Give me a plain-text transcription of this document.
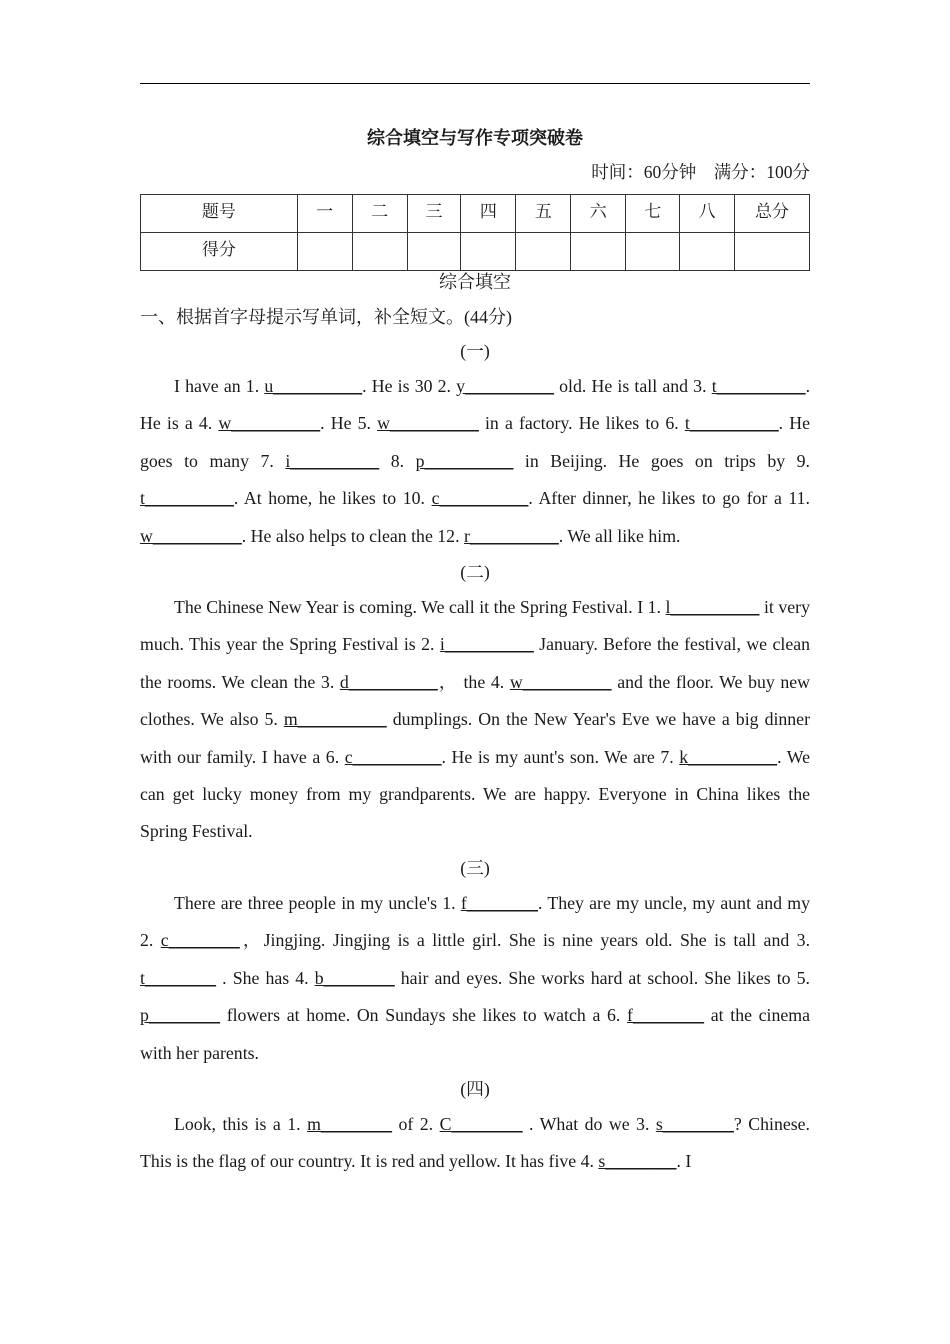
综合填空与写作专项突破卷
时间：60分钟　满分：100分
题号	一	二	三	四	五	六	七	八	总分
得分									
综合填空
一、根据首字母提示写单词，补全短文。(44分)

(一)

I have an 1. u__________. He is 30 2. y__________ old. He is tall and 3. t__________. He is a 4. w__________. He 5. w__________ in a factory. He likes to 6. t__________. He goes to many 7. i__________ 8. p__________ in Beijing. He goes on trips by 9. t__________. At home, he likes to 10. c__________. After dinner, he likes to go for a 11. w__________. He also helps to clean the 12. r__________. We all like him.

(二)

The Chinese New Year is coming. We call it the Spring Festival. I 1. l__________ it very much. This year the Spring Festival is 2. i__________ January. Before the festival, we clean the rooms. We clean the 3. d__________， the 4. w__________ and the floor. We buy new clothes. We also 5. m__________ dumplings. On the New Year's Eve we have a big dinner with our family. I have a 6. c__________. He is my aunt's son. We are 7. k__________. We can get lucky money from my grandparents. We are happy. Everyone in China likes the Spring Festival.

(三)

There are three people in my uncle's 1. f________. They are my uncle, my aunt and my 2. c________，Jingjing. Jingjing is a little girl. She is nine years old. She is tall and 3. t________ . She has 4. b________ hair and eyes. She works hard at school. She likes to 5. p________ flowers at home. On Sundays she likes to watch a 6. f________ at the cinema with her parents.

(四)

Look, this is a 1. m________ of 2. C________ . What do we 3. s________? Chinese. This is the flag of our country. It is red and yellow. It has five 4. s________. I
